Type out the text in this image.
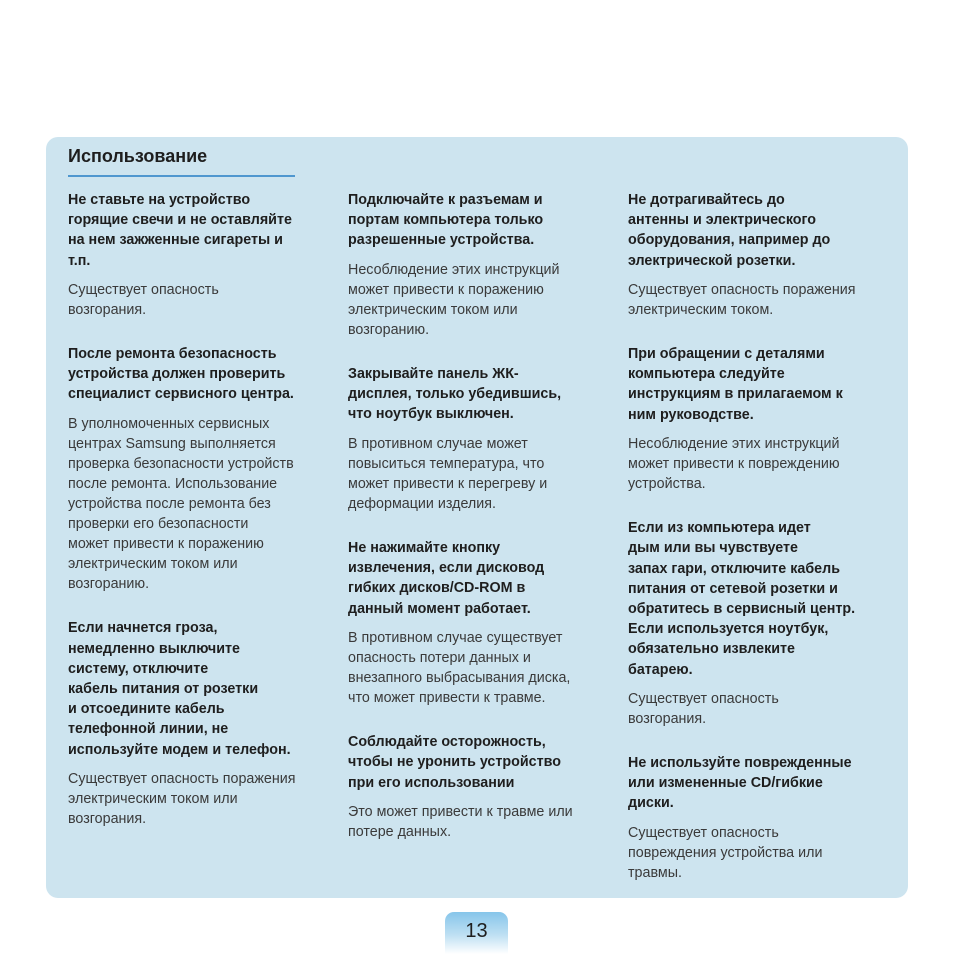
Использование

Не ставьте на устройство
горящие свечи и не оставляйте
на нем зажженные сигареты и
т.п.

Существует опасность
возгорания.

После ремонта безопасность
устройства должен проверить
специалист сервисного центра.

В уполномоченных сервисных
центрах Samsung выполняется
проверка безопасности устройств
после ремонта. Использование
устройства после ремонта без
проверки его безопасности
может привести к поражению
электрическим током или
возгоранию.

Если начнется гроза,
немедленно выключите
систему, отключите
кабель питания от розетки
и отсоедините кабель
телефонной линии, не
используйте модем и телефон.

Существует опасность поражения
электрическим током или
возгорания.

Подключайте к разъемам и
портам компьютера только
разрешенные устройства.

Несоблюдение этих инструкций
может привести к поражению
электрическим током или
возгоранию.

Закрывайте панель ЖК-
дисплея, только убедившись,
что ноутбук выключен.

В противном случае может
повыситься температура, что
может привести к перегреву и
деформации изделия.

Не нажимайте кнопку
извлечения, если дисковод
гибких дисков/CD-ROM в
данный момент работает.

В противном случае существует
опасность потери данных и
внезапного выбрасывания диска,
что может привести к травме.

Соблюдайте осторожность,
чтобы не уронить устройство
при его использовании

Это может привести к травме или
потере данных.

Не дотрагивайтесь до
антенны и электрического
оборудования, например до
электрической розетки.

Существует опасность поражения
электрическим током.

При обращении с деталями
компьютера следуйте
инструкциям в прилагаемом к
ним руководстве.

Несоблюдение этих инструкций
может привести к повреждению
устройства.

Если из компьютера идет
дым или вы чувствуете
запах гари, отключите кабель
питания от сетевой розетки и
обратитесь в сервисный центр.
Если используется ноутбук,
обязательно извлеките
батарею.

Существует опасность
возгорания.

Не используйте поврежденные
или измененные CD/гибкие
диски.

Существует опасность
повреждения устройства или
травмы.

13
